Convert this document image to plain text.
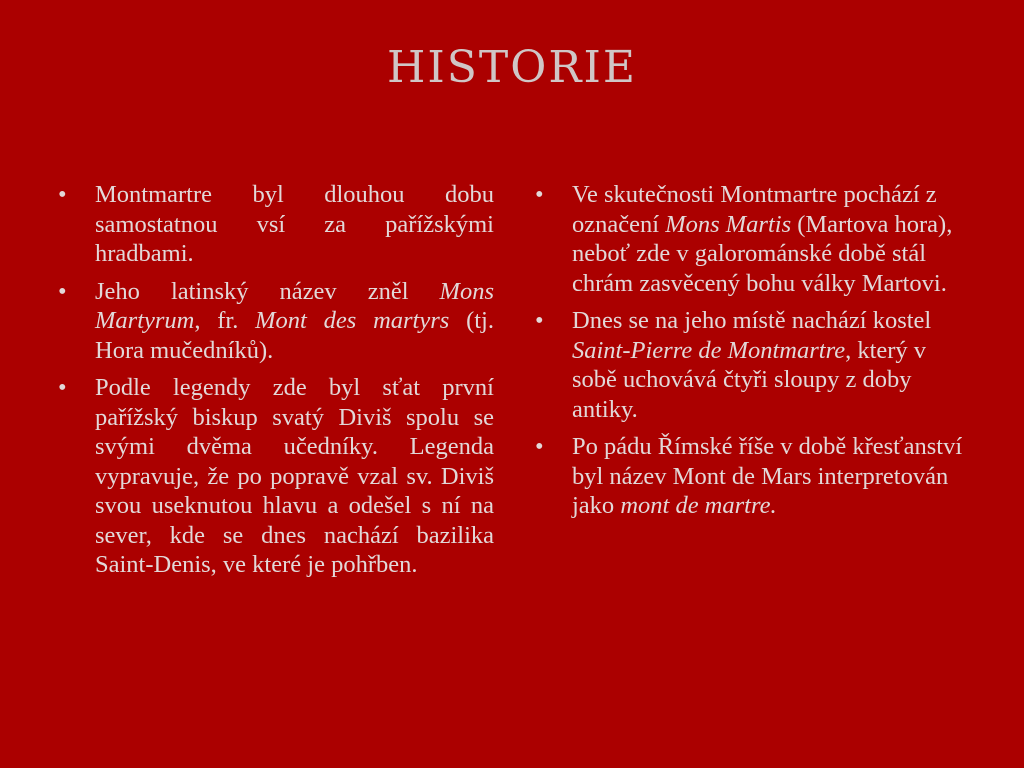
HISTORIE
•	Montmartre byl dlouhou dobu samostatnou vsí za pařížskými hradbami.
•	Jeho latinský název zněl Mons Martyrum, fr. Mont des martyrs (tj. Hora mučedníků).
•	Podle legendy zde byl sťat první pařížský biskup svatý Diviš spolu se svými dvěma učedníky. Legenda vypravuje, že po popravě vzal sv. Diviš svou useknutou hlavu a odešel s ní na sever, kde se dnes nachází bazilika Saint-Denis, ve které je pohřben.
•	Ve skutečnosti Montmartre pochází z označení Mons Martis (Martova hora), neboť zde v galorománské době stál chrám zasvěcený bohu války Martovi.
•	Dnes se na jeho místě nachází kostel Saint-Pierre de Montmartre, který v sobě uchovává čtyři sloupy z doby antiky.
•	Po pádu Římské říše v době křesťanství byl název Mont de Mars interpretován jako mont de martre.
